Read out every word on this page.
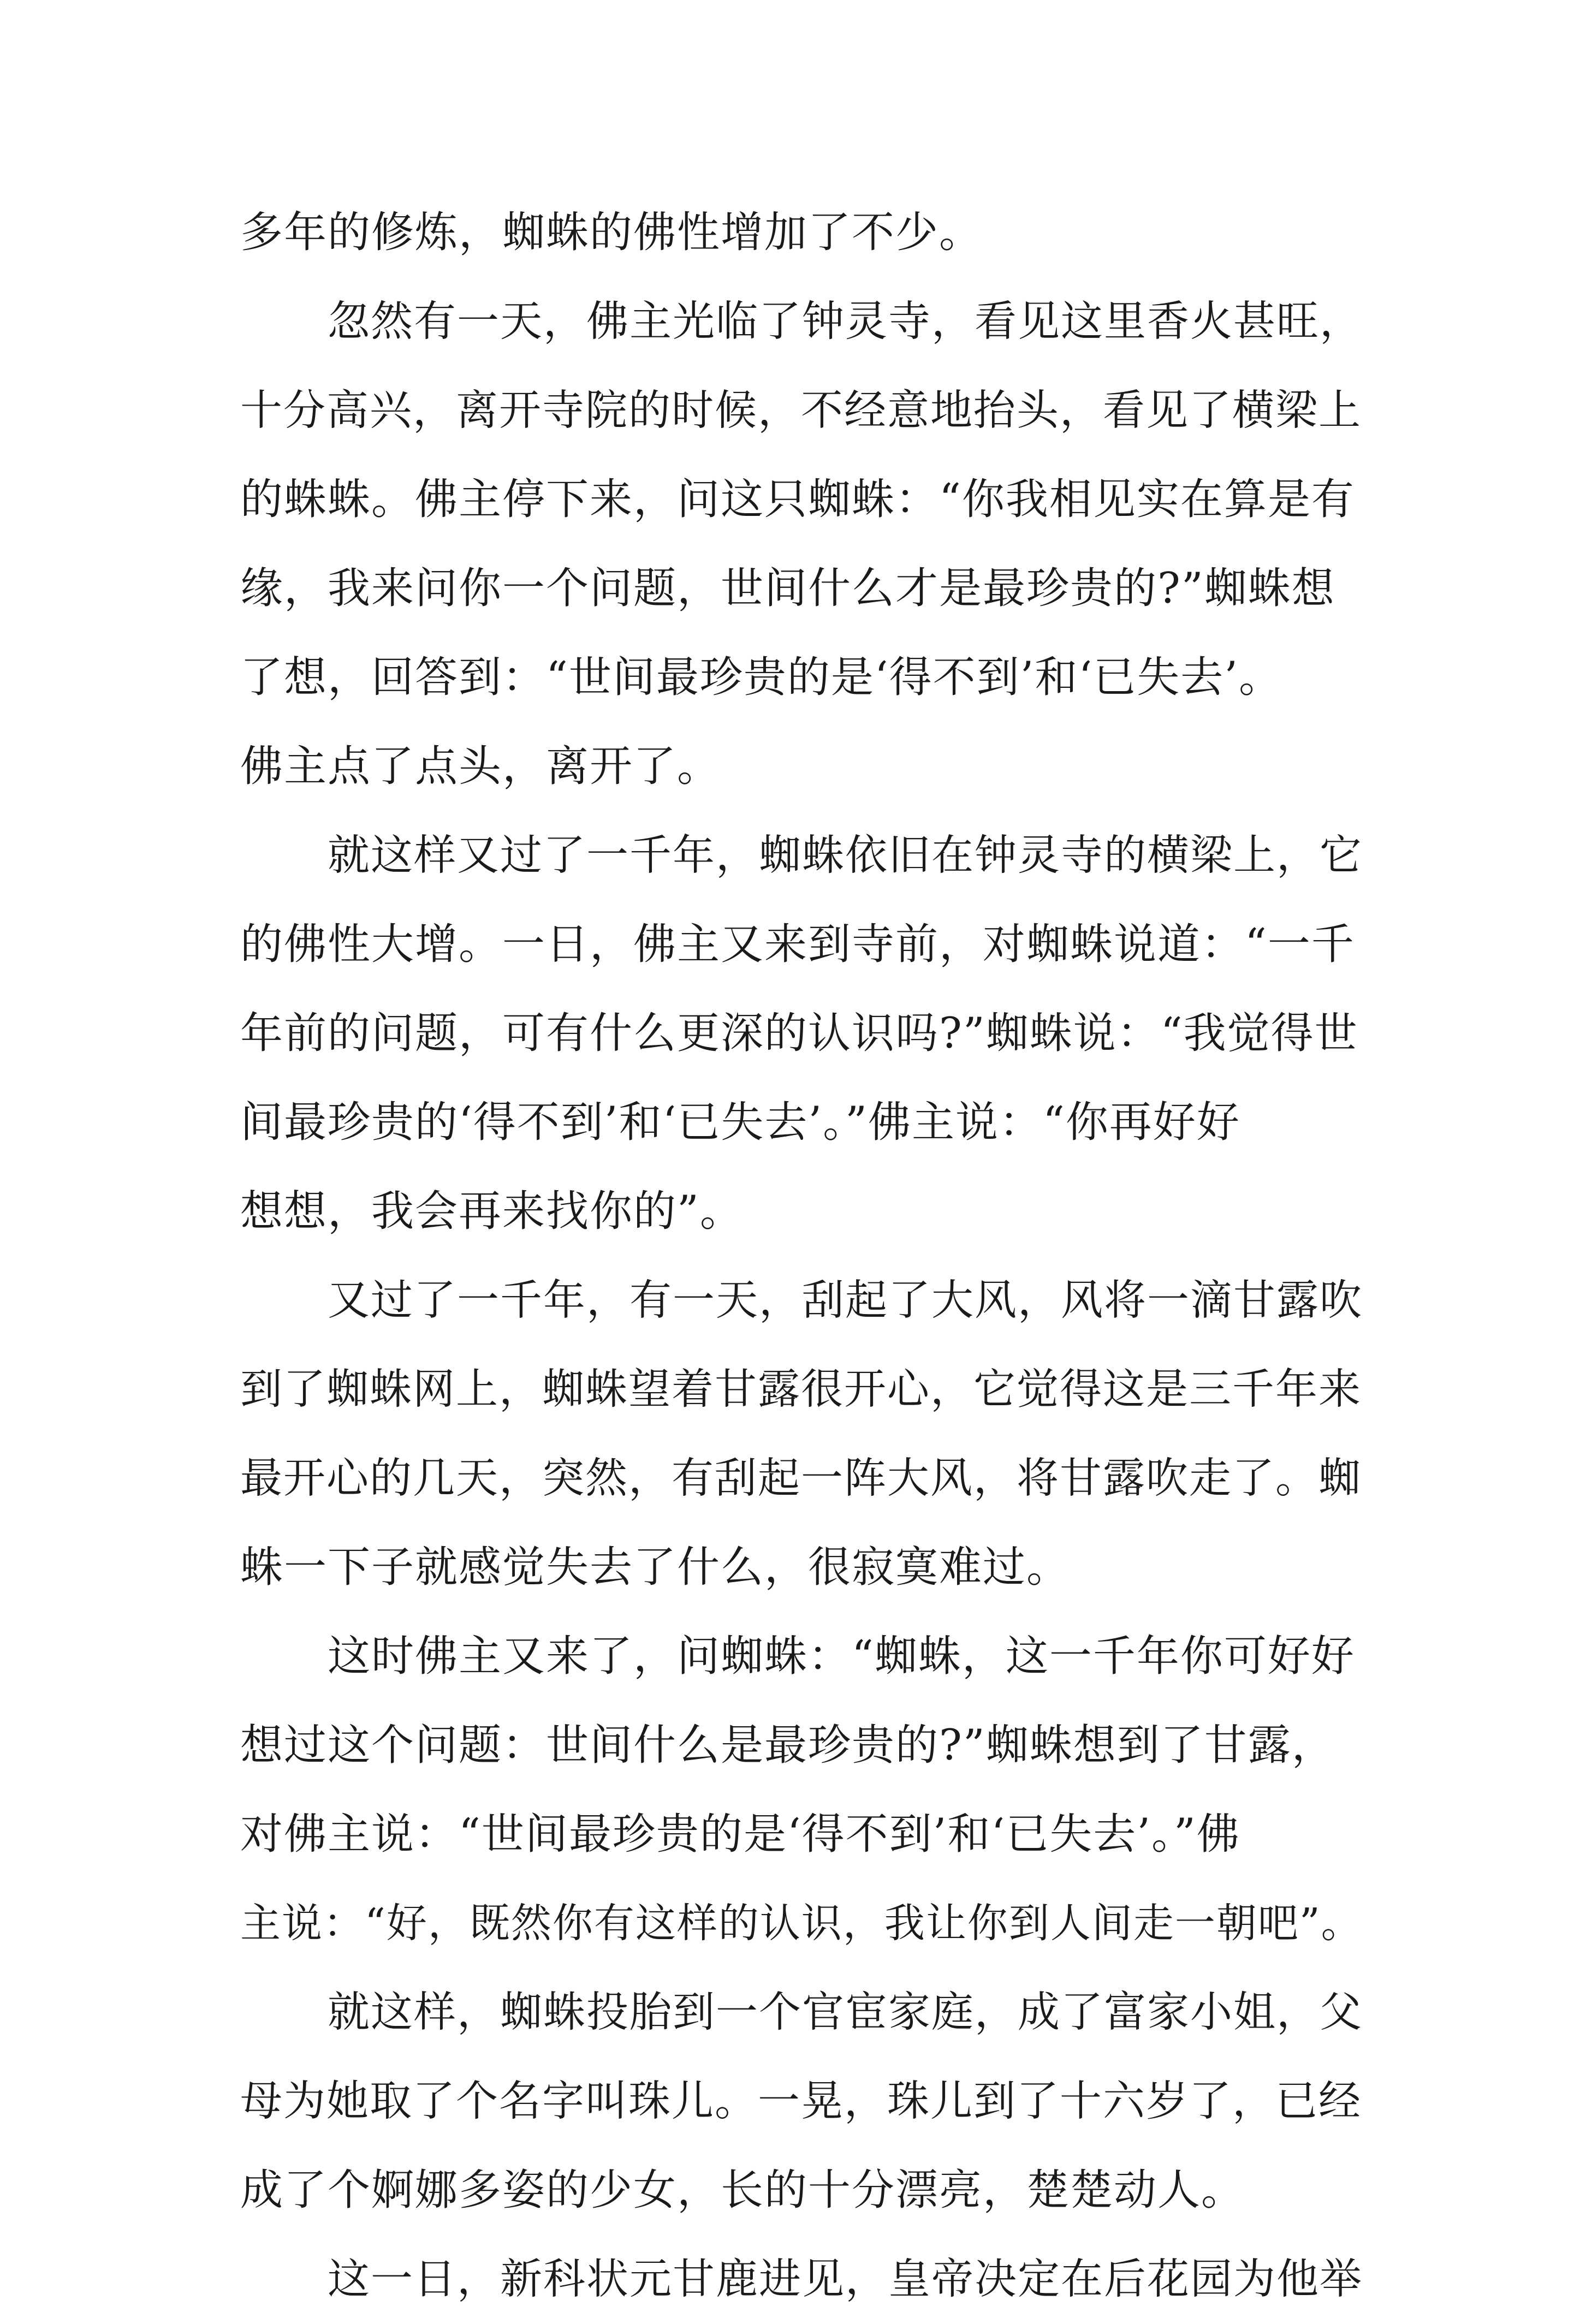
多年的修炼，蜘蛛的佛性增加了不少。
忽然有一天，佛主光临了钟灵寺，看见这里香火甚旺，
十分高兴，离开寺院的时候，不经意地抬头，看见了横梁上
的蛛蛛。佛主停下来，问这只蜘蛛：“你我相见实在算是有
缘，我来问你一个问题，世间什么才是最珍贵的?”蜘蛛想
了想，回答到：“世间最珍贵的是‘得不到’和‘已失去’。
佛主点了点头，离开了。
就这样又过了一千年，蜘蛛依旧在钟灵寺的横梁上，它
的佛性大增。一日，佛主又来到寺前，对蜘蛛说道：“一千
年前的问题，可有什么更深的认识吗?”蜘蛛说：“我觉得世
间最珍贵的‘得不到’和‘已失去’。”佛主说：“你再好好
想想，我会再来找你的”。
又过了一千年，有一天，刮起了大风，风将一滴甘露吹
到了蜘蛛网上，蜘蛛望着甘露很开心，它觉得这是三千年来
最开心的几天，突然，有刮起一阵大风，将甘露吹走了。蜘
蛛一下子就感觉失去了什么，很寂寞难过。
这时佛主又来了，问蜘蛛：“蜘蛛，这一千年你可好好
想过这个问题：世间什么是最珍贵的?”蜘蛛想到了甘露，
对佛主说：“世间最珍贵的是‘得不到’和‘已失去’。”佛
主说：“好，既然你有这样的认识，我让你到人间走一朝吧”。
就这样，蜘蛛投胎到一个官宦家庭，成了富家小姐，父
母为她取了个名字叫珠儿。一晃，珠儿到了十六岁了，已经
成了个婀娜多姿的少女，长的十分漂亮，楚楚动人。
这一日，新科状元甘鹿进见，皇帝决定在后花园为他举
